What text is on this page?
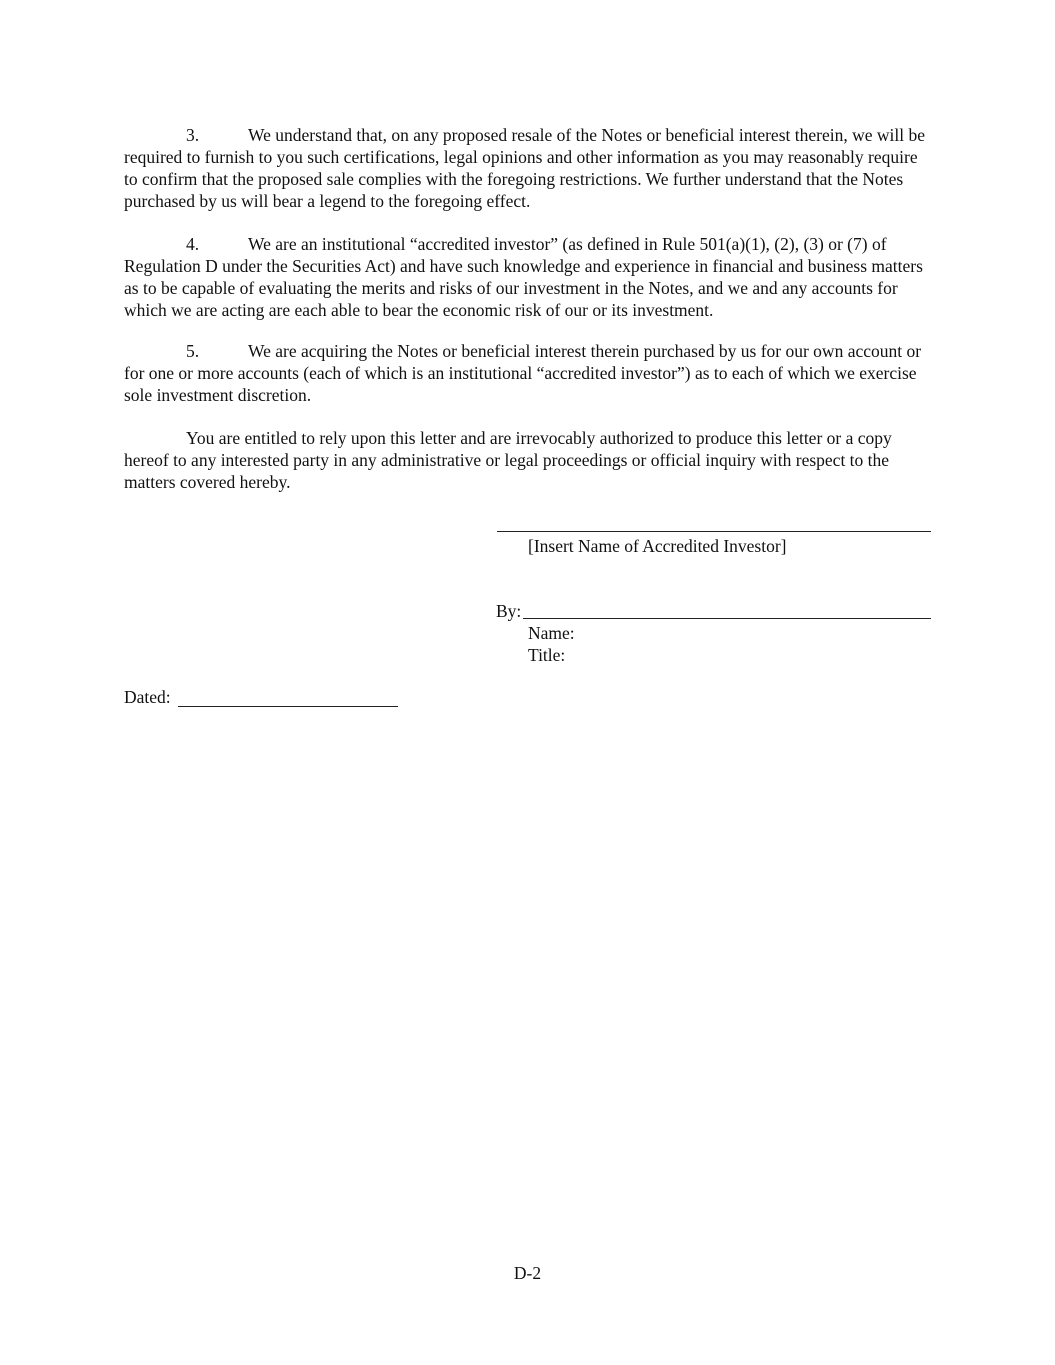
3.	We understand that, on any proposed resale of the Notes or beneficial interest therein, we will be required to furnish to you such certifications, legal opinions and other information as you may reasonably require to confirm that the proposed sale complies with the foregoing restrictions. We further understand that the Notes purchased by us will bear a legend to the foregoing effect.
4.	We are an institutional “accredited investor” (as defined in Rule 501(a)(1), (2), (3) or (7) of Regulation D under the Securities Act) and have such knowledge and experience in financial and business matters as to be capable of evaluating the merits and risks of our investment in the Notes, and we and any accounts for which we are acting are each able to bear the economic risk of our or its investment.
5.	We are acquiring the Notes or beneficial interest therein purchased by us for our own account or for one or more accounts (each of which is an institutional “accredited investor”) as to each of which we exercise sole investment discretion.
You are entitled to rely upon this letter and are irrevocably authorized to produce this letter or a copy hereof to any interested party in any administrative or legal proceedings or official inquiry with respect to the matters covered hereby.
[Insert Name of Accredited Investor]
By:
Name:
Title:
Dated:
D-2
